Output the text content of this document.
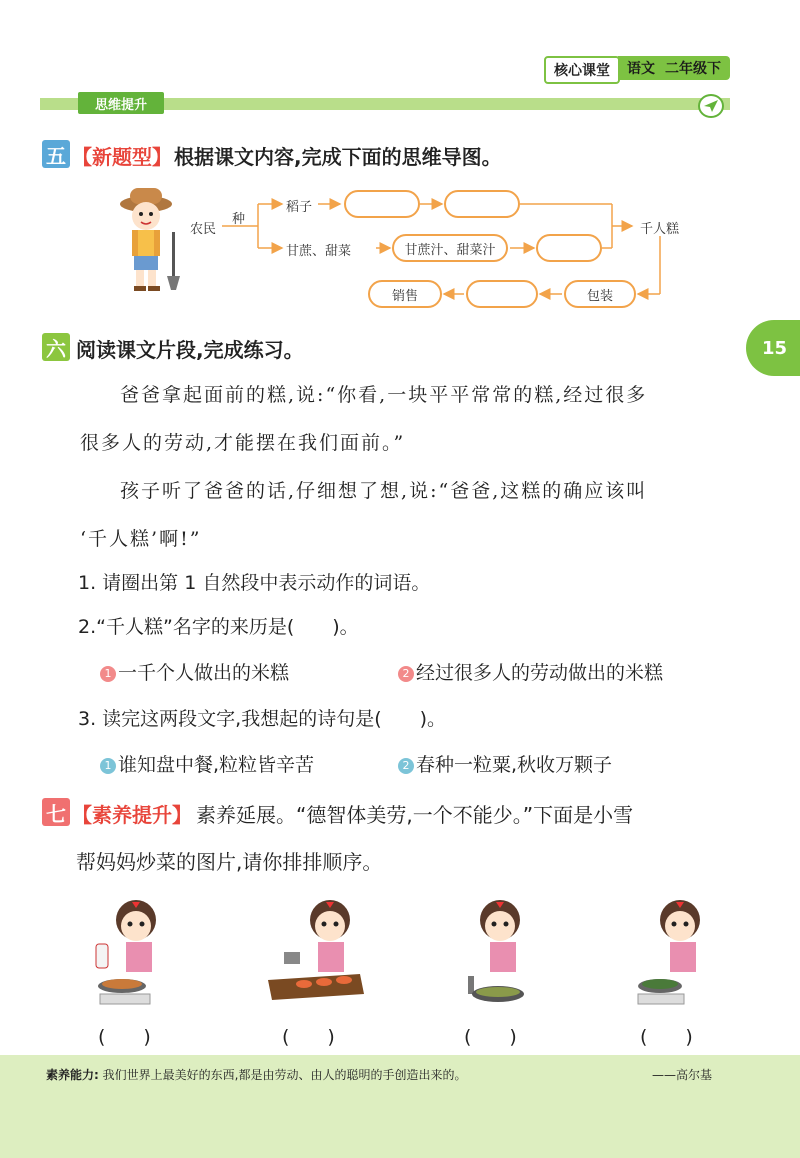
核心课堂	语文 二年级下
思维提升
15
五 【新题型】 根据课文内容,完成下面的思维导图。
农民
种
稻子
甘蔗、甜菜	甘蔗汁、甜菜汁
千人糕
包装
销售
六 阅读课文片段,完成练习。
爸爸拿起面前的糕,说:“你看,一块平平常常的糕,经过很多
很多人的劳动,才能摆在我们面前。”
孩子听了爸爸的话,仔细想了想,说:“爸爸,这糕的确应该叫
‘千人糕’啊!”
1. 请圈出第 1 自然段中表示动作的词语。
2.“千人糕”名字的来历是(　　)。
1 一千个人做出的米糕	2 经过很多人的劳动做出的米糕
3. 读完这两段文字,我想起的诗句是(　　)。
1 谁知盘中餐,粒粒皆辛苦	2 春种一粒粟,秋收万颗子
七 【素养提升】 素养延展。“德智体美劳,一个不能少。”下面是小雪
帮妈妈炒菜的图片,请你排排顺序。
(　　)	(　　)	(　　)	(　　)
素养能力: 我们世界上最美好的东西,都是由劳动、由人的聪明的手创造出来的。	——高尔基
